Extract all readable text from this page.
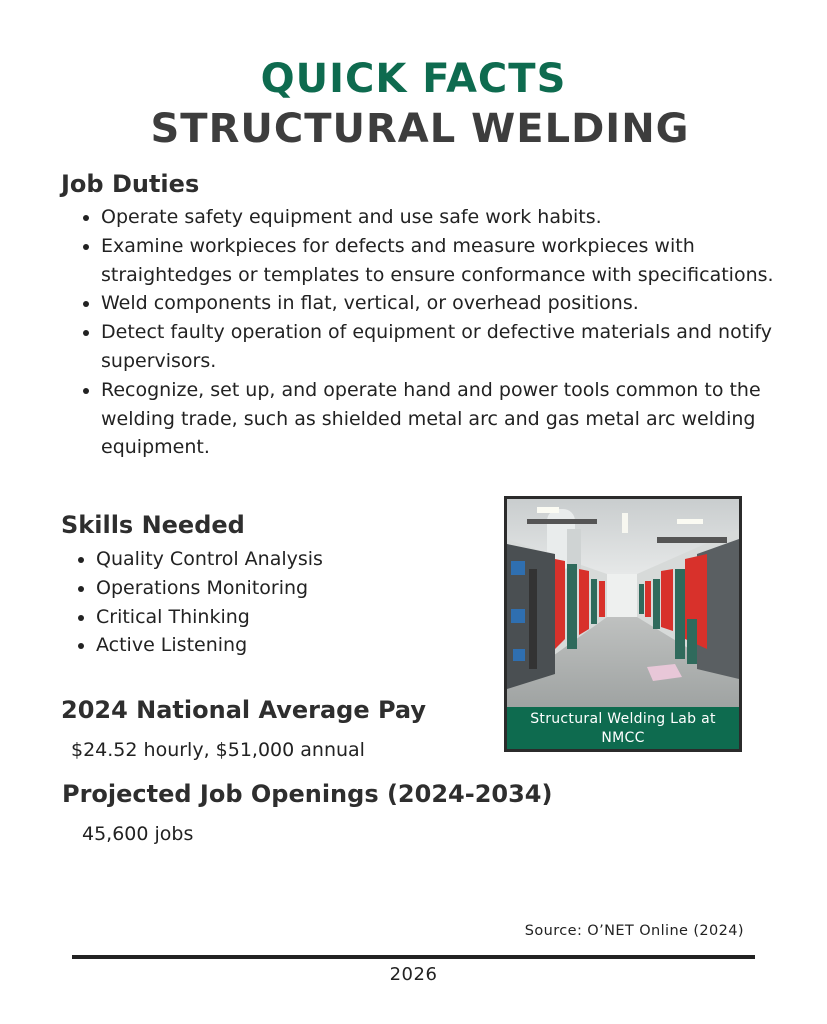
QUICK FACTS
STRUCTURAL WELDING
Job Duties
• Operate safety equipment and use safe work habits.
• Examine workpieces for defects and measure workpieces with straightedges or templates to ensure conformance with specifications.
• Weld components in flat, vertical, or overhead positions.
• Detect faulty operation of equipment or defective materials and notify supervisors.
• Recognize, set up, and operate hand and power tools common to the welding trade, such as shielded metal arc and gas metal arc welding equipment.
Skills Needed
• Quality Control Analysis
• Operations Monitoring
• Critical Thinking
• Active Listening
2024 National Average Pay
$24.52 hourly, $51,000 annual
Projected Job Openings (2024-2034)
45,600 jobs
Structural Welding Lab at
NMCC
Source: O’NET Online (2024)
2026
